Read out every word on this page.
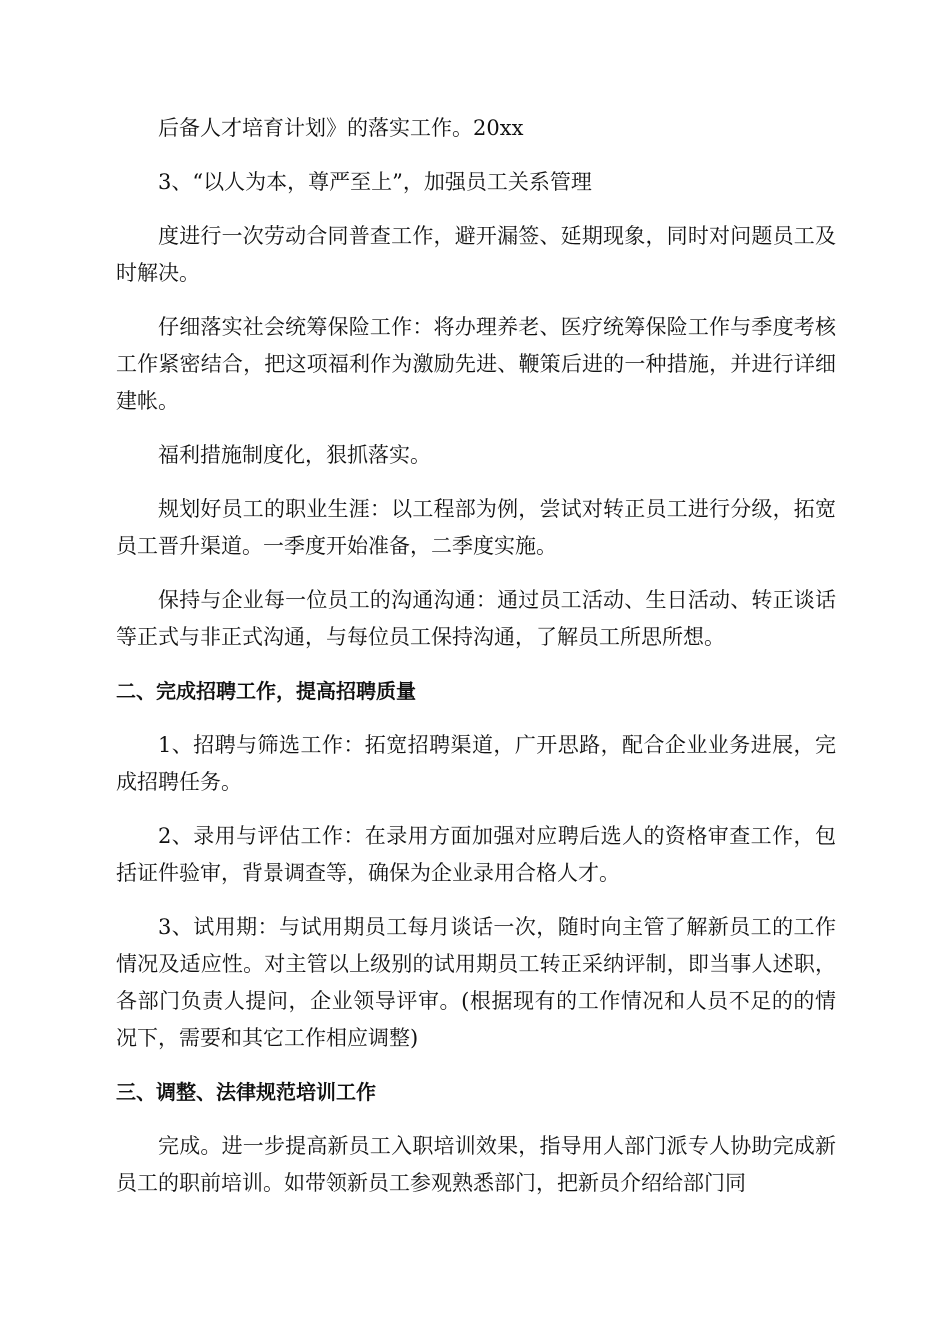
后备人才培育计划》的落实工作。20xx

3、“以人为本，尊严至上”，加强员工关系管理

度进行一次劳动合同普查工作，避开漏签、延期现象，同时对问题员工及时解决。

仔细落实社会统筹保险工作：将办理养老、医疗统筹保险工作与季度考核工作紧密结合，把这项福利作为激励先进、鞭策后进的一种措施，并进行详细建帐。

福利措施制度化，狠抓落实。

规划好员工的职业生涯：以工程部为例，尝试对转正员工进行分级，拓宽员工晋升渠道。一季度开始准备，二季度实施。

保持与企业每一位员工的沟通沟通：通过员工活动、生日活动、转正谈话等正式与非正式沟通，与每位员工保持沟通，了解员工所思所想。

二、完成招聘工作，提高招聘质量

1、招聘与筛选工作：拓宽招聘渠道，广开思路，配合企业业务进展，完成招聘任务。

2、录用与评估工作：在录用方面加强对应聘后选人的资格审查工作，包括证件验审，背景调查等，确保为企业录用合格人才。

3、试用期：与试用期员工每月谈话一次，随时向主管了解新员工的工作情况及适应性。对主管以上级别的试用期员工转正采纳评制，即当事人述职，各部门负责人提问，企业领导评审。(根据现有的工作情况和人员不足的的情况下，需要和其它工作相应调整)

三、调整、法律规范培训工作

完成。进一步提高新员工入职培训效果，指导用人部门派专人协助完成新员工的职前培训。如带领新员工参观熟悉部门，把新员介绍给部门同
